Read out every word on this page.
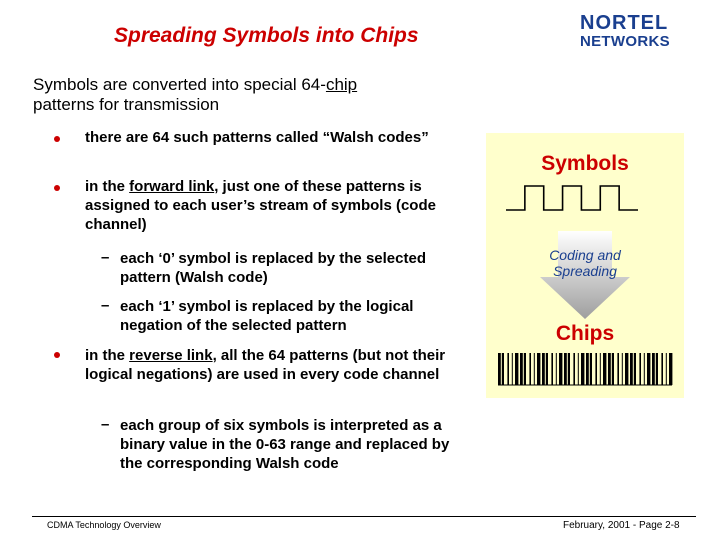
Spreading Symbols into Chips
NORTEL
NETWORKS
Symbols are converted into special 64-chip
patterns for transmission
there are 64 such patterns called “Walsh codes”
in the forward link, just one of these patterns is assigned to each user’s stream of symbols (code channel)
– each ‘0’ symbol is replaced by the selected pattern (Walsh code)
– each ‘1’ symbol is replaced by the logical negation of the selected pattern
in the reverse link, all the 64 patterns (but not their logical negations) are used in every code channel
– each group of six symbols is interpreted as a binary value in the 0-63 range and replaced by the corresponding Walsh code
Symbols
Coding and
Spreading
Chips
CDMA Technology Overview	February, 2001 - Page 2-8
